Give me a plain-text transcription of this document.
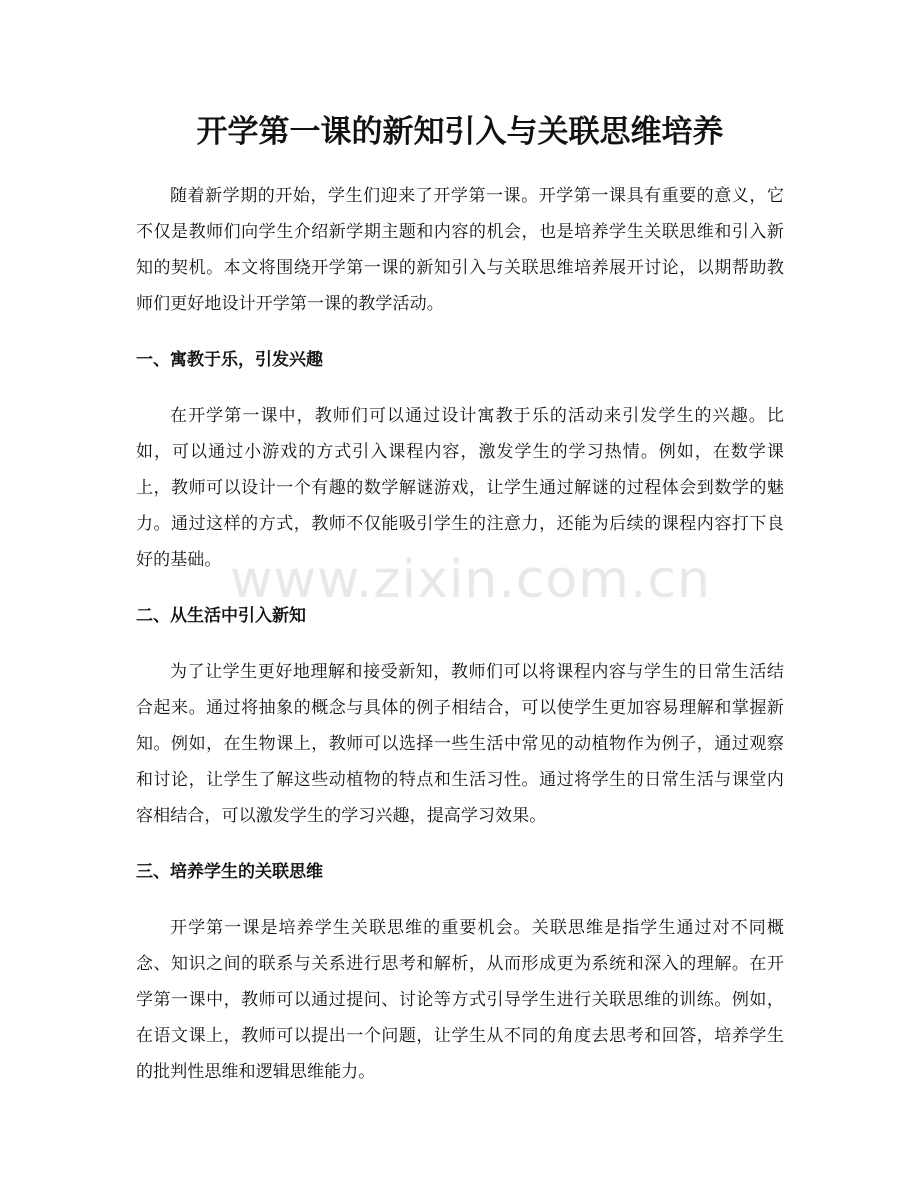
开学第一课的新知引入与关联思维培养

随着新学期的开始，学生们迎来了开学第一课。开学第一课具有重要的意义，它不仅是教师们向学生介绍新学期主题和内容的机会，也是培养学生关联思维和引入新知的契机。本文将围绕开学第一课的新知引入与关联思维培养展开讨论，以期帮助教师们更好地设计开学第一课的教学活动。

一、寓教于乐，引发兴趣

在开学第一课中，教师们可以通过设计寓教于乐的活动来引发学生的兴趣。比如，可以通过小游戏的方式引入课程内容，激发学生的学习热情。例如，在数学课上，教师可以设计一个有趣的数学解谜游戏，让学生通过解谜的过程体会到数学的魅力。通过这样的方式，教师不仅能吸引学生的注意力，还能为后续的课程内容打下良好的基础。

二、从生活中引入新知

为了让学生更好地理解和接受新知，教师们可以将课程内容与学生的日常生活结合起来。通过将抽象的概念与具体的例子相结合，可以使学生更加容易理解和掌握新知。例如，在生物课上，教师可以选择一些生活中常见的动植物作为例子，通过观察和讨论，让学生了解这些动植物的特点和生活习性。通过将学生的日常生活与课堂内容相结合，可以激发学生的学习兴趣，提高学习效果。

三、培养学生的关联思维

开学第一课是培养学生关联思维的重要机会。关联思维是指学生通过对不同概念、知识之间的联系与关系进行思考和解析，从而形成更为系统和深入的理解。在开学第一课中，教师可以通过提问、讨论等方式引导学生进行关联思维的训练。例如，在语文课上，教师可以提出一个问题，让学生从不同的角度去思考和回答，培养学生的批判性思维和逻辑思维能力。

www.zixin.com.cn
